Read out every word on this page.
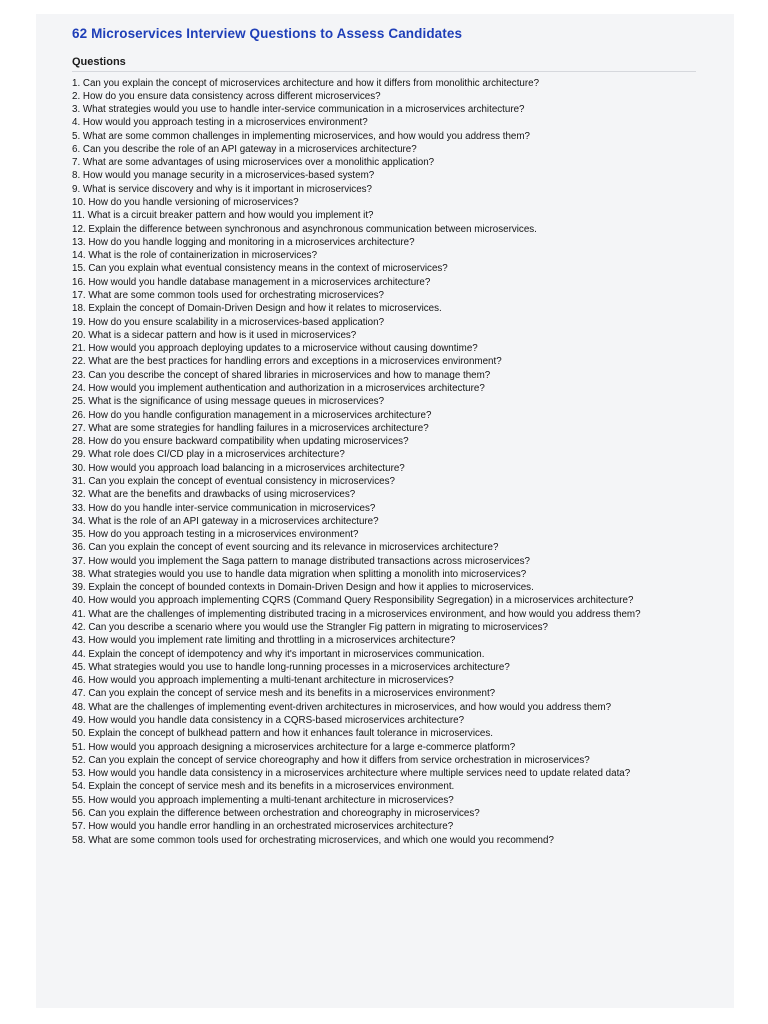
62 Microservices Interview Questions to Assess Candidates
Questions
1. Can you explain the concept of microservices architecture and how it differs from monolithic architecture?
2. How do you ensure data consistency across different microservices?
3. What strategies would you use to handle inter-service communication in a microservices architecture?
4. How would you approach testing in a microservices environment?
5. What are some common challenges in implementing microservices, and how would you address them?
6. Can you describe the role of an API gateway in a microservices architecture?
7. What are some advantages of using microservices over a monolithic application?
8. How would you manage security in a microservices-based system?
9. What is service discovery and why is it important in microservices?
10. How do you handle versioning of microservices?
11. What is a circuit breaker pattern and how would you implement it?
12. Explain the difference between synchronous and asynchronous communication between microservices.
13. How do you handle logging and monitoring in a microservices architecture?
14. What is the role of containerization in microservices?
15. Can you explain what eventual consistency means in the context of microservices?
16. How would you handle database management in a microservices architecture?
17. What are some common tools used for orchestrating microservices?
18. Explain the concept of Domain-Driven Design and how it relates to microservices.
19. How do you ensure scalability in a microservices-based application?
20. What is a sidecar pattern and how is it used in microservices?
21. How would you approach deploying updates to a microservice without causing downtime?
22. What are the best practices for handling errors and exceptions in a microservices environment?
23. Can you describe the concept of shared libraries in microservices and how to manage them?
24. How would you implement authentication and authorization in a microservices architecture?
25. What is the significance of using message queues in microservices?
26. How do you handle configuration management in a microservices architecture?
27. What are some strategies for handling failures in a microservices architecture?
28. How do you ensure backward compatibility when updating microservices?
29. What role does CI/CD play in a microservices architecture?
30. How would you approach load balancing in a microservices architecture?
31. Can you explain the concept of eventual consistency in microservices?
32. What are the benefits and drawbacks of using microservices?
33. How do you handle inter-service communication in microservices?
34. What is the role of an API gateway in a microservices architecture?
35. How do you approach testing in a microservices environment?
36. Can you explain the concept of event sourcing and its relevance in microservices architecture?
37. How would you implement the Saga pattern to manage distributed transactions across microservices?
38. What strategies would you use to handle data migration when splitting a monolith into microservices?
39. Explain the concept of bounded contexts in Domain-Driven Design and how it applies to microservices.
40. How would you approach implementing CQRS (Command Query Responsibility Segregation) in a microservices architecture?
41. What are the challenges of implementing distributed tracing in a microservices environment, and how would you address them?
42. Can you describe a scenario where you would use the Strangler Fig pattern in migrating to microservices?
43. How would you implement rate limiting and throttling in a microservices architecture?
44. Explain the concept of idempotency and why it's important in microservices communication.
45. What strategies would you use to handle long-running processes in a microservices architecture?
46. How would you approach implementing a multi-tenant architecture in microservices?
47. Can you explain the concept of service mesh and its benefits in a microservices environment?
48. What are the challenges of implementing event-driven architectures in microservices, and how would you address them?
49. How would you handle data consistency in a CQRS-based microservices architecture?
50. Explain the concept of bulkhead pattern and how it enhances fault tolerance in microservices.
51. How would you approach designing a microservices architecture for a large e-commerce platform?
52. Can you explain the concept of service choreography and how it differs from service orchestration in microservices?
53. How would you handle data consistency in a microservices architecture where multiple services need to update related data?
54. Explain the concept of service mesh and its benefits in a microservices environment.
55. How would you approach implementing a multi-tenant architecture in microservices?
56. Can you explain the difference between orchestration and choreography in microservices?
57. How would you handle error handling in an orchestrated microservices architecture?
58. What are some common tools used for orchestrating microservices, and which one would you recommend?
